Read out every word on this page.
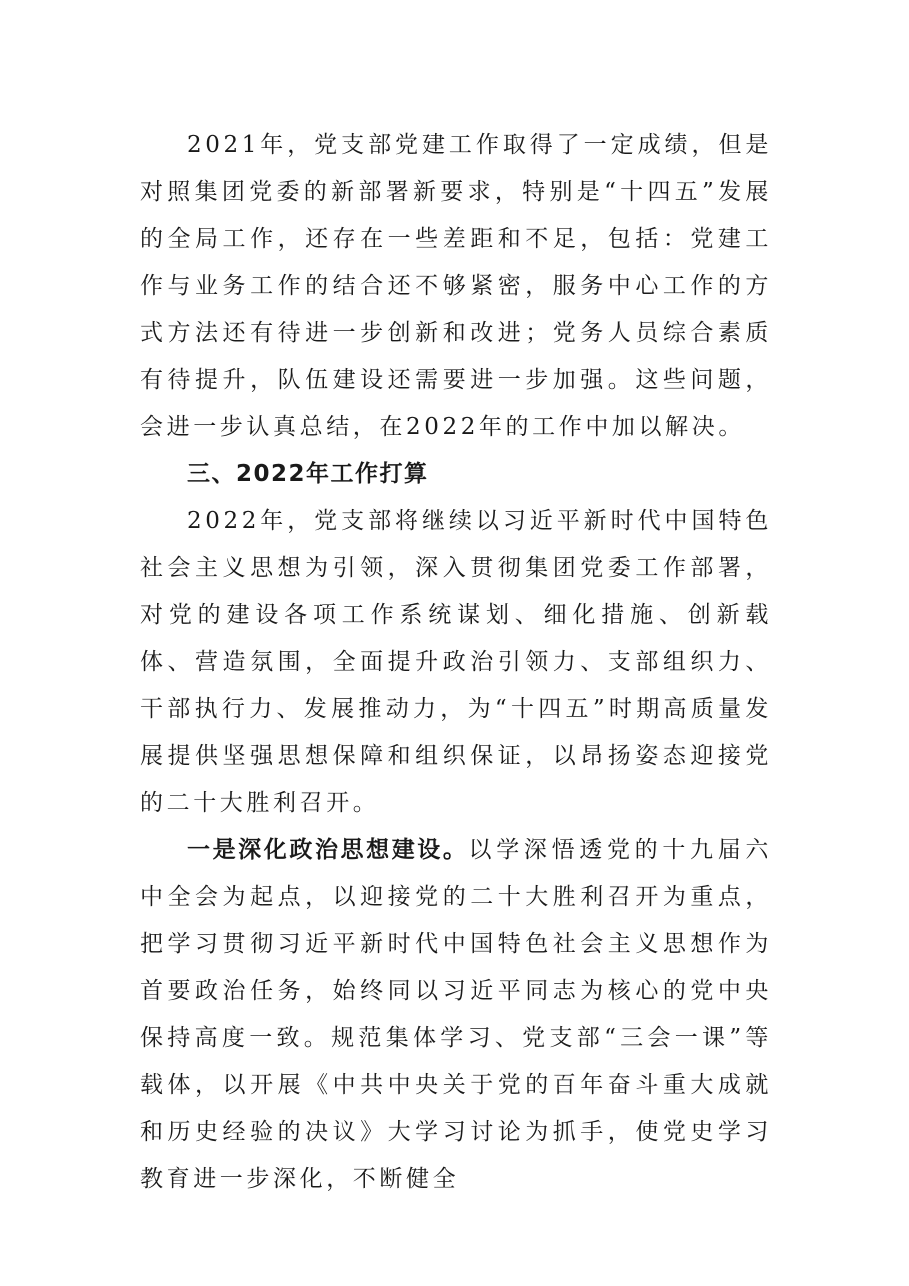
2021年，党支部党建工作取得了一定成绩，但是对照集团党委的新部署新要求，特别是“十四五”发展的全局工作，还存在一些差距和不足，包括：党建工作与业务工作的结合还不够紧密，服务中心工作的方式方法还有待进一步创新和改进；党务人员综合素质有待提升，队伍建设还需要进一步加强。这些问题，会进一步认真总结，在2022年的工作中加以解决。

三、2022年工作打算

2022年，党支部将继续以习近平新时代中国特色社会主义思想为引领，深入贯彻集团党委工作部署，对党的建设各项工作系统谋划、细化措施、创新载体、营造氛围，全面提升政治引领力、支部组织力、干部执行力、发展推动力，为“十四五”时期高质量发展提供坚强思想保障和组织保证，以昂扬姿态迎接党的二十大胜利召开。

一是深化政治思想建设。以学深悟透党的十九届六中全会为起点，以迎接党的二十大胜利召开为重点，把学习贯彻习近平新时代中国特色社会主义思想作为首要政治任务，始终同以习近平同志为核心的党中央保持高度一致。规范集体学习、党支部“三会一课”等载体，以开展《中共中央关于党的百年奋斗重大成就和历史经验的决议》大学习讨论为抓手，使党史学习教育进一步深化，不断健全
